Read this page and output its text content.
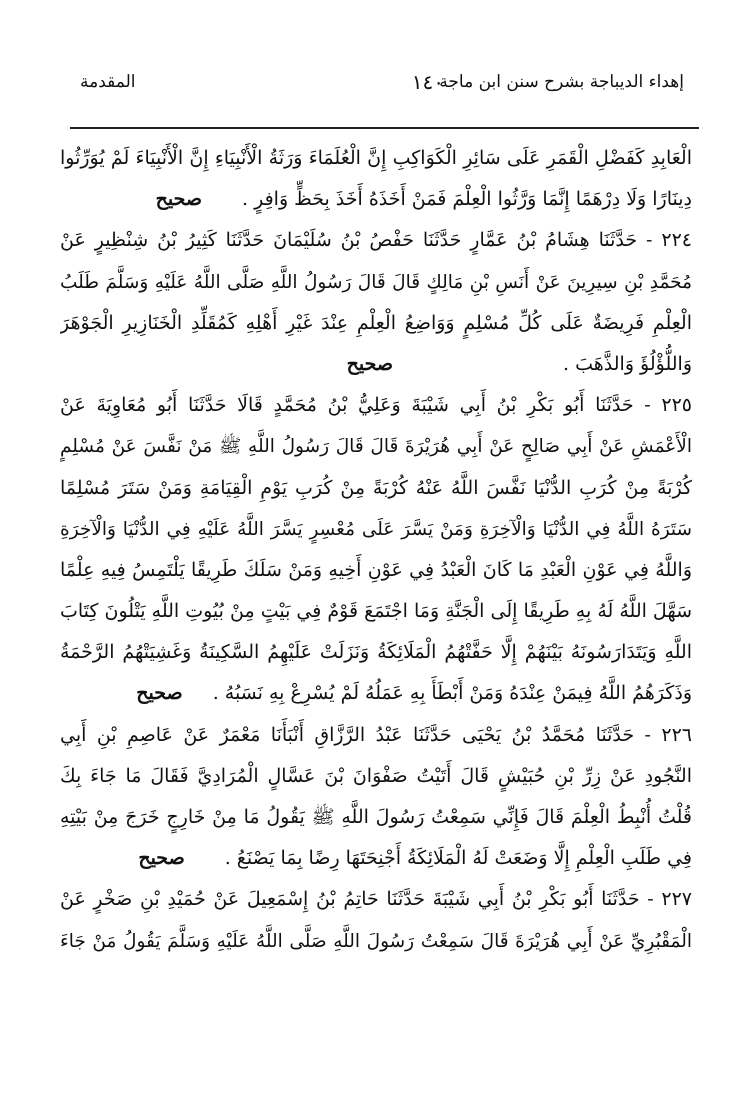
إهداء الديباجة بشرح سنن ابن ماجة
١٤٠
المقدمة
الْعَابِدِ كَفَضْلِ الْقَمَرِ عَلَى سَائِرِ الْكَوَاكِبِ إِنَّ الْعُلَمَاءَ وَرَثَةُ الْأَنْبِيَاءِ إِنَّ الْأَنْبِيَاءَ لَمْ يُوَرِّثُوا
دِينَارًا وَلَا دِرْهَمًا إِنَّمَا وَرَّثُوا الْعِلْمَ فَمَنْ أَخَذَهُ أَخَذَ بِحَظٍّ وَافِرٍ .صحيح
٢٢٤ - حَدَّثَنَا هِشَامُ بْنُ عَمَّارٍ حَدَّثَنَا حَفْصُ بْنُ سُلَيْمَانَ حَدَّثَنَا كَثِيرُ بْنُ شِنْظِيرٍ عَنْ
مُحَمَّدِ بْنِ سِيرِينَ عَنْ أَنَسِ بْنِ مَالِكٍ قَالَ قَالَ رَسُولُ اللَّهِ صَلَّى اللَّهُ عَلَيْهِ وَسَلَّمَ طَلَبُ
الْعِلْمِ فَرِيضَةٌ عَلَى كُلِّ مُسْلِمٍ وَوَاضِعُ الْعِلْمِ عِنْدَ غَيْرِ أَهْلِهِ كَمُقَلِّدِ الْخَنَازِيرِ الْجَوْهَرَ
وَاللُّؤْلُؤَ وَالذَّهَبَ .صحيح
٢٢٥ - حَدَّثَنَا أَبُو بَكْرِ بْنُ أَبِي شَيْبَةَ وَعَلِيُّ بْنُ مُحَمَّدٍ قَالَا حَدَّثَنَا أَبُو مُعَاوِيَةَ عَنْ
الْأَعْمَشِ عَنْ أَبِي صَالِحٍ عَنْ أَبِي هُرَيْرَةَ قَالَ قَالَ رَسُولُ اللَّهِ ﷺ مَنْ نَفَّسَ عَنْ مُسْلِمٍ
كُرْبَةً مِنْ كُرَبِ الدُّنْيَا نَفَّسَ اللَّهُ عَنْهُ كُرْبَةً مِنْ كُرَبِ يَوْمِ الْقِيَامَةِ وَمَنْ سَتَرَ مُسْلِمًا
سَتَرَهُ اللَّهُ فِي الدُّنْيَا وَالْآخِرَةِ وَمَنْ يَسَّرَ عَلَى مُعْسِرٍ يَسَّرَ اللَّهُ عَلَيْهِ فِي الدُّنْيَا وَالْآخِرَةِ
وَاللَّهُ فِي عَوْنِ الْعَبْدِ مَا كَانَ الْعَبْدُ فِي عَوْنِ أَخِيهِ وَمَنْ سَلَكَ طَرِيقًا يَلْتَمِسُ فِيهِ عِلْمًا
سَهَّلَ اللَّهُ لَهُ بِهِ طَرِيقًا إِلَى الْجَنَّةِ وَمَا اجْتَمَعَ قَوْمٌ فِي بَيْتٍ مِنْ بُيُوتِ اللَّهِ يَتْلُونَ كِتَابَ
اللَّهِ وَيَتَدَارَسُونَهُ بَيْنَهُمْ إِلَّا حَفَّتْهُمُ الْمَلَائِكَةُ وَنَزَلَتْ عَلَيْهِمُ السَّكِينَةُ وَغَشِيَتْهُمُ الرَّحْمَةُ
وَذَكَرَهُمُ اللَّهُ فِيمَنْ عِنْدَهُ وَمَنْ أَبْطَأَ بِهِ عَمَلُهُ لَمْ يُسْرِعْ بِهِ نَسَبُهُ .صحيح
٢٢٦ - حَدَّثَنَا مُحَمَّدُ بْنُ يَحْيَى حَدَّثَنَا عَبْدُ الرَّزَّاقِ أَنْبَأَنَا مَعْمَرٌ عَنْ عَاصِمِ بْنِ أَبِي
النَّجُودِ عَنْ زِرِّ بْنِ حُبَيْشٍ قَالَ أَتَيْتُ صَفْوَانَ بْنَ عَسَّالٍ الْمُرَادِيَّ فَقَالَ مَا جَاءَ بِكَ
قُلْتُ أُنْبِطُ الْعِلْمَ قَالَ فَإِنِّي سَمِعْتُ رَسُولَ اللَّهِ ﷺ يَقُولُ مَا مِنْ خَارِجٍ خَرَجَ مِنْ بَيْتِهِ
فِي طَلَبِ الْعِلْمِ إِلَّا وَضَعَتْ لَهُ الْمَلَائِكَةُ أَجْنِحَتَهَا رِضًا بِمَا يَصْنَعُ .صحيح
٢٢٧ - حَدَّثَنَا أَبُو بَكْرِ بْنُ أَبِي شَيْبَةَ حَدَّثَنَا حَاتِمُ بْنُ إِسْمَعِيلَ عَنْ حُمَيْدِ بْنِ صَخْرٍ عَنْ
الْمَقْبُرِيِّ عَنْ أَبِي هُرَيْرَةَ قَالَ سَمِعْتُ رَسُولَ اللَّهِ صَلَّى اللَّهُ عَلَيْهِ وَسَلَّمَ يَقُولُ مَنْ جَاءَ
